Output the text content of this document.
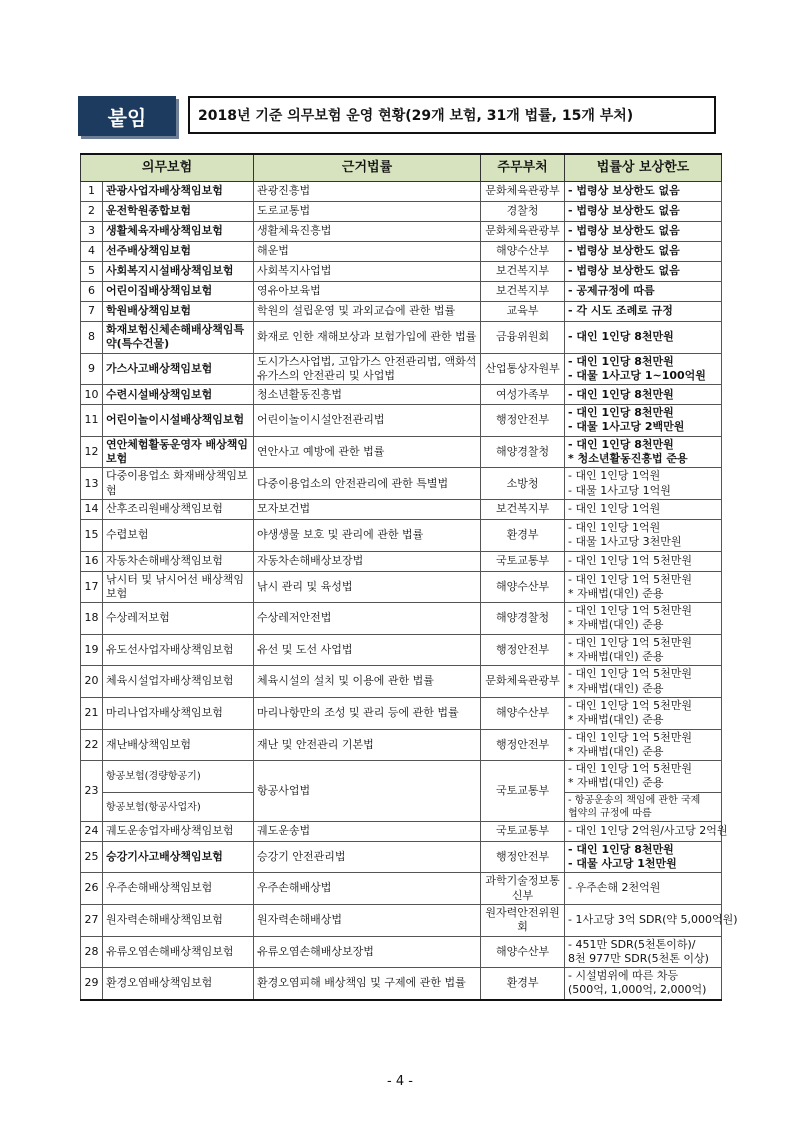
붙임	2018년 기준 의무보험 운영 현황(29개 보험, 31개 법률, 15개 부처)
의무보험		근거법률	주무부처	법률상 보상한도
1	관광사업자배상책임보험	관광진흥법	문화체육관광부	- 법령상 보상한도 없음

2	운전학원종합보험	도로교통법	경찰청	- 법령상 보상한도 없음

3	생활체육자배상책임보험	생활체육진흥법	문화체육관광부	- 법령상 보상한도 없음

4	선주배상책임보험	해운법	해양수산부	- 법령상 보상한도 없음

5	사회복지시설배상책임보험	사회복지사업법	보건복지부	- 법령상 보상한도 없음

6	어린이집배상책임보험	영유아보육법	보건복지부	- 공제규정에 따름

7	학원배상책임보험	학원의 설립운영 및 과외교습에 관한 법률	교육부	- 각 시도 조례로 규정

8	화재보험신체손해배상책임특약(특수건물)	화재로 인한 재해보상과 보험가입에 관한 법률	금융위원회	- 대인 1인당 8천만원

9	가스사고배상책임보험	도시가스사업법, 고압가스 안전관리법, 액화석유가스의 안전관리 및 사업법	산업통상자원부	- 대인 1인당 8천만원
- 대물 1사고당 1~100억원

10	수련시설배상책임보험	청소년활동진흥법	여성가족부	- 대인 1인당 8천만원

11	어린이놀이시설배상책임보험	어린이놀이시설안전관리법	행정안전부	- 대인 1인당 8천만원
- 대물 1사고당 2백만원

12	연안체험활동운영자 배상책임보험	연안사고 예방에 관한 법률	해양경찰청	- 대인 1인당 8천만원
* 청소년활동진흥법 준용

13	다중이용업소 화재배상책임보험	다중이용업소의 안전관리에 관한 특별법	소방청	- 대인 1인당 1억원
- 대물 1사고당 1억원

14	산후조리원배상책임보험	모자보건법	보건복지부	- 대인 1인당 1억원

15	수렵보험	야생생물 보호 및 관리에 관한 법률	환경부	- 대인 1인당 1억원
- 대물 1사고당 3천만원

16	자동차손해배상책임보험	자동차손해배상보장법	국토교통부	- 대인 1인당 1억 5천만원

17	낚시터 및 낚시어선 배상책임보험	낚시 관리 및 육성법	해양수산부	- 대인 1인당 1억 5천만원
* 자배법(대인) 준용

18	수상레저보험	수상레저안전법	해양경찰청	- 대인 1인당 1억 5천만원
* 자배법(대인) 준용

19	유도선사업자배상책임보험	유선 및 도선 사업법	행정안전부	- 대인 1인당 1억 5천만원
* 자배법(대인) 준용

20	체육시설업자배상책임보험	체육시설의 설치 및 이용에 관한 법률	문화체육관광부	- 대인 1인당 1억 5천만원
* 자배법(대인) 준용

21	마리나업자배상책임보험	마리나항만의 조성 및 관리 등에 관한 법률	해양수산부	- 대인 1인당 1억 5천만원
* 자배법(대인) 준용

22	재난배상책임보험	재난 및 안전관리 기본법	행정안전부	- 대인 1인당 1억 5천만원
* 자배법(대인) 준용

23	항공보험(경량항공기)	항공사업법	국토교통부	- 대인 1인당 1억 5천만원
* 자배법(대인) 준용

	항공보험(항공사업자)			- 항공운송의 책임에 관한 국제
협약의 규정에 따름

24	궤도운송업자배상책임보험	궤도운송법	국토교통부	- 대인 1인당 2억원/사고당 2억원

25	승강기사고배상책임보험	승강기 안전관리법	행정안전부	- 대인 1인당 8천만원
- 대물 사고당 1천만원

26	우주손해배상책임보험	우주손해배상법	과학기술정보통신부	- 우주손해 2천억원

27	원자력손해배상책임보험	원자력손해배상법	원자력안전위원회	- 1사고당 3억 SDR(약 5,000억원)

28	유류오염손해배상책임보험	유류오염손해배상보장법	해양수산부	- 451만 SDR(5천톤이하)/
8천 977만 SDR(5천톤 이상)

29	환경오염배상책임보험	환경오염피해 배상책임 및 구제에 관한 법률	환경부	- 시설범위에 따른 차등
(500억, 1,000억, 2,000억)
- 4 -
